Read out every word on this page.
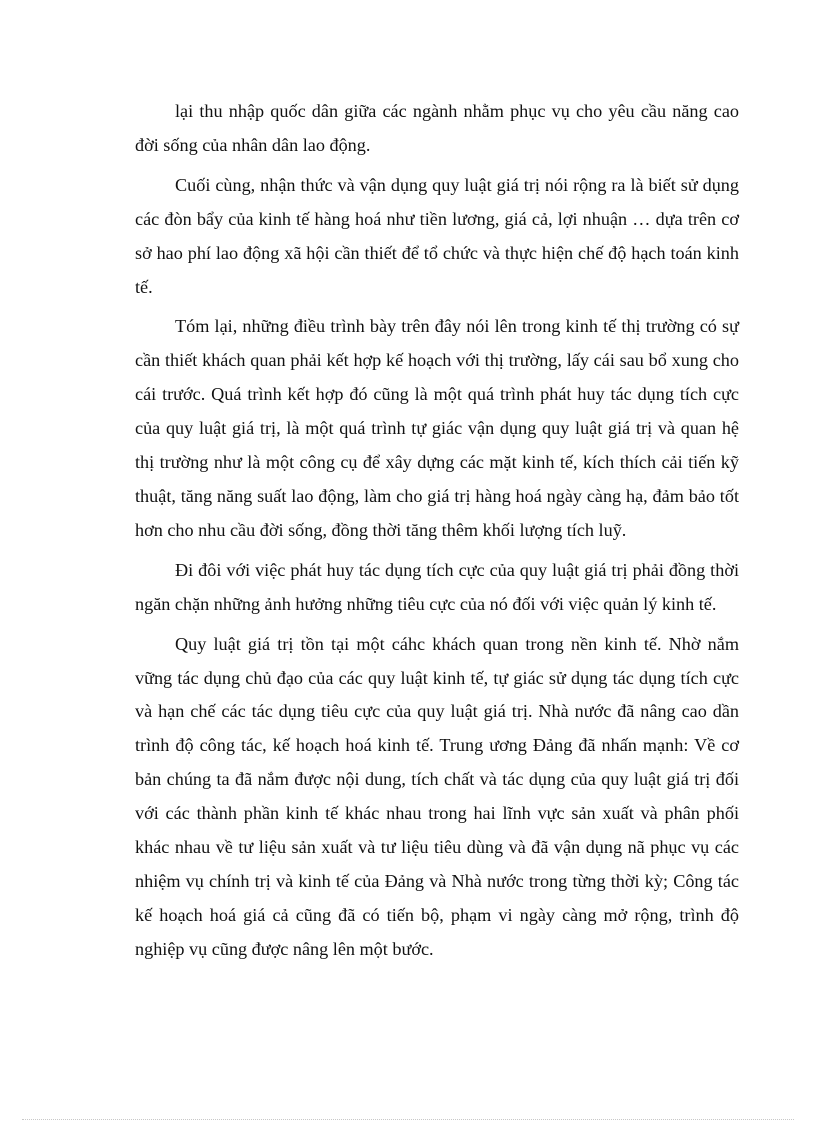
lại thu nhập quốc dân giữa các ngành nhằm phục vụ cho yêu cầu năng cao đời sống của nhân dân lao động.

Cuối cùng, nhận thức và vận dụng quy luật giá trị nói rộng ra là biết sử dụng các đòn bẩy của kinh tế hàng hoá như tiền lương, giá cả, lợi nhuận … dựa trên cơ sở hao phí lao động xã hội cần thiết để tổ chức và thực hiện chế độ hạch toán kinh tế.

Tóm lại, những điều trình bày trên đây nói lên trong kinh tế thị trường có sự cần thiết khách quan phải kết hợp kế hoạch với thị trường, lấy cái sau bổ xung cho cái trước. Quá trình kết hợp đó cũng là một quá trình phát huy tác dụng tích cực của quy luật giá trị, là một quá trình tự giác vận dụng quy luật giá trị và quan hệ thị trường như là một công cụ để xây dựng các mặt kinh tế, kích thích cải tiến kỹ thuật, tăng năng suất lao động, làm cho giá trị hàng hoá ngày càng hạ, đảm bảo tốt hơn cho nhu cầu đời sống, đồng thời tăng thêm khối lượng tích luỹ.

Đi đôi với việc phát huy tác dụng tích cực của quy luật giá trị phải đồng thời ngăn chặn những ảnh hưởng những tiêu cực của nó đối với việc quản lý kinh tế.

Quy luật giá trị tồn tại một cáhc khách quan trong nền kinh tế. Nhờ nắm vững tác dụng chủ đạo của các quy luật kinh tế, tự giác sử dụng tác dụng tích cực và hạn chế các tác dụng tiêu cực của quy luật giá trị. Nhà nước đã nâng cao dần trình độ công tác, kế hoạch hoá kinh tế. Trung ương Đảng đã nhấn mạnh: Về cơ bản chúng ta đã nắm được nội dung, tích chất và tác dụng của quy luật giá trị đối với các thành phần kinh tế khác nhau trong hai lĩnh vực sản xuất và phân phối khác nhau về tư liệu sản xuất và tư liệu tiêu dùng và đã vận dụng nã phục vụ các nhiệm vụ chính trị và kinh tế của Đảng và Nhà nước trong từng thời kỳ; Công tác kế hoạch hoá giá cả cũng đã có tiến bộ, phạm vi ngày càng mở rộng, trình độ nghiệp vụ cũng được nâng lên một bước.
